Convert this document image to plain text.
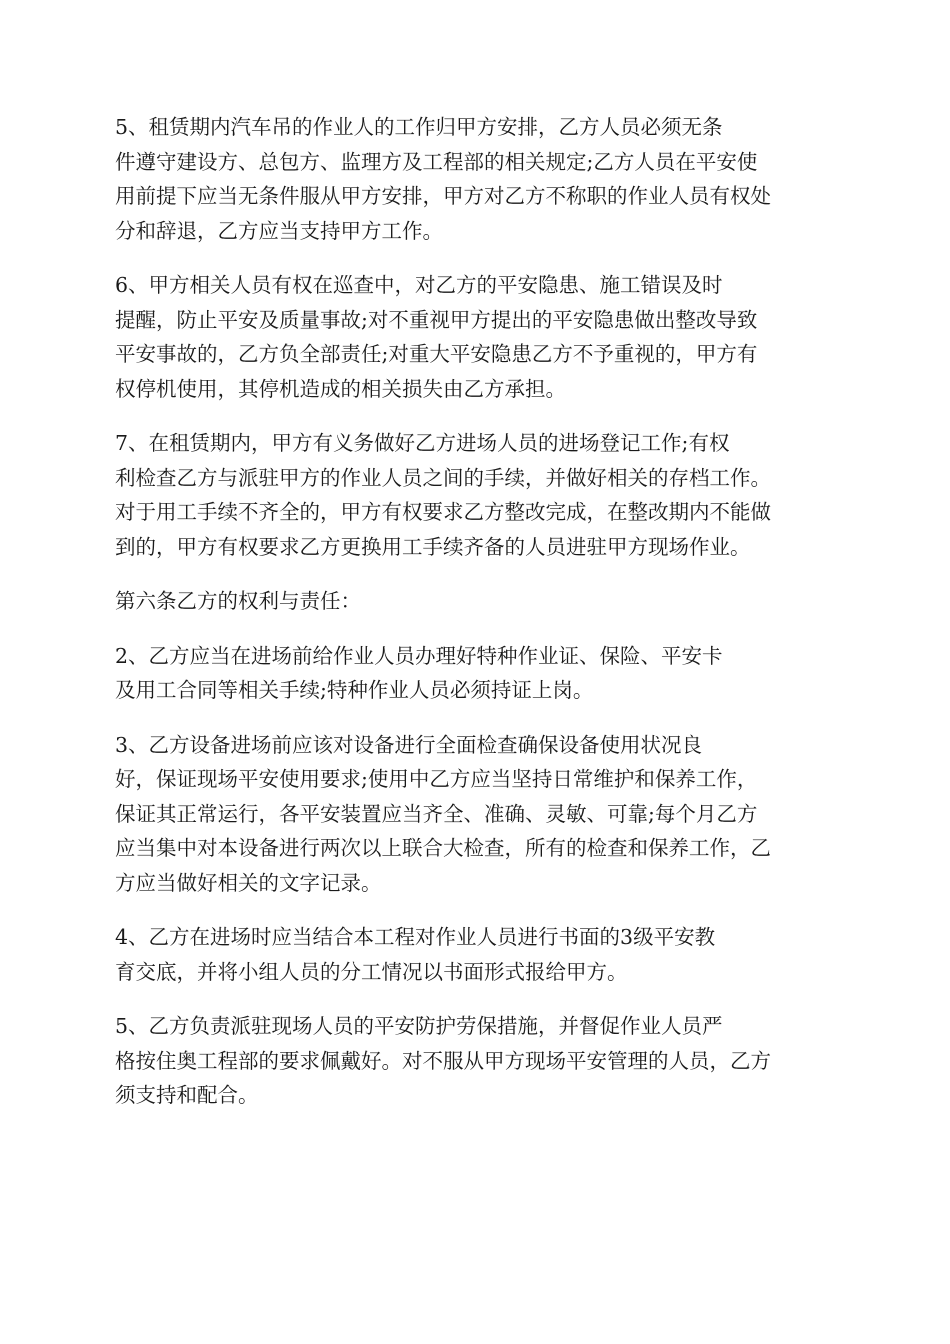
5、租赁期内汽车吊的作业人的工作归甲方安排，乙方人员必须无条
件遵守建设方、总包方、监理方及工程部的相关规定;乙方人员在平安使
用前提下应当无条件服从甲方安排，甲方对乙方不称职的作业人员有权处
分和辞退，乙方应当支持甲方工作。
6、甲方相关人员有权在巡查中，对乙方的平安隐患、施工错误及时
提醒，防止平安及质量事故;对不重视甲方提出的平安隐患做出整改导致
平安事故的，乙方负全部责任;对重大平安隐患乙方不予重视的，甲方有
权停机使用，其停机造成的相关损失由乙方承担。
7、在租赁期内，甲方有义务做好乙方进场人员的进场登记工作;有权
利检查乙方与派驻甲方的作业人员之间的手续，并做好相关的存档工作。
对于用工手续不齐全的，甲方有权要求乙方整改完成，在整改期内不能做
到的，甲方有权要求乙方更换用工手续齐备的人员进驻甲方现场作业。
第六条乙方的权利与责任：
2、乙方应当在进场前给作业人员办理好特种作业证、保险、平安卡
及用工合同等相关手续;特种作业人员必须持证上岗。
3、乙方设备进场前应该对设备进行全面检查确保设备使用状况良
好，保证现场平安使用要求;使用中乙方应当坚持日常维护和保养工作，
保证其正常运行，各平安装置应当齐全、准确、灵敏、可靠;每个月乙方
应当集中对本设备进行两次以上联合大检查，所有的检查和保养工作，乙
方应当做好相关的文字记录。
4、乙方在进场时应当结合本工程对作业人员进行书面的3级平安教
育交底，并将小组人员的分工情况以书面形式报给甲方。
5、乙方负责派驻现场人员的平安防护劳保措施，并督促作业人员严
格按住奥工程部的要求佩戴好。对不服从甲方现场平安管理的人员，乙方
须支持和配合。
